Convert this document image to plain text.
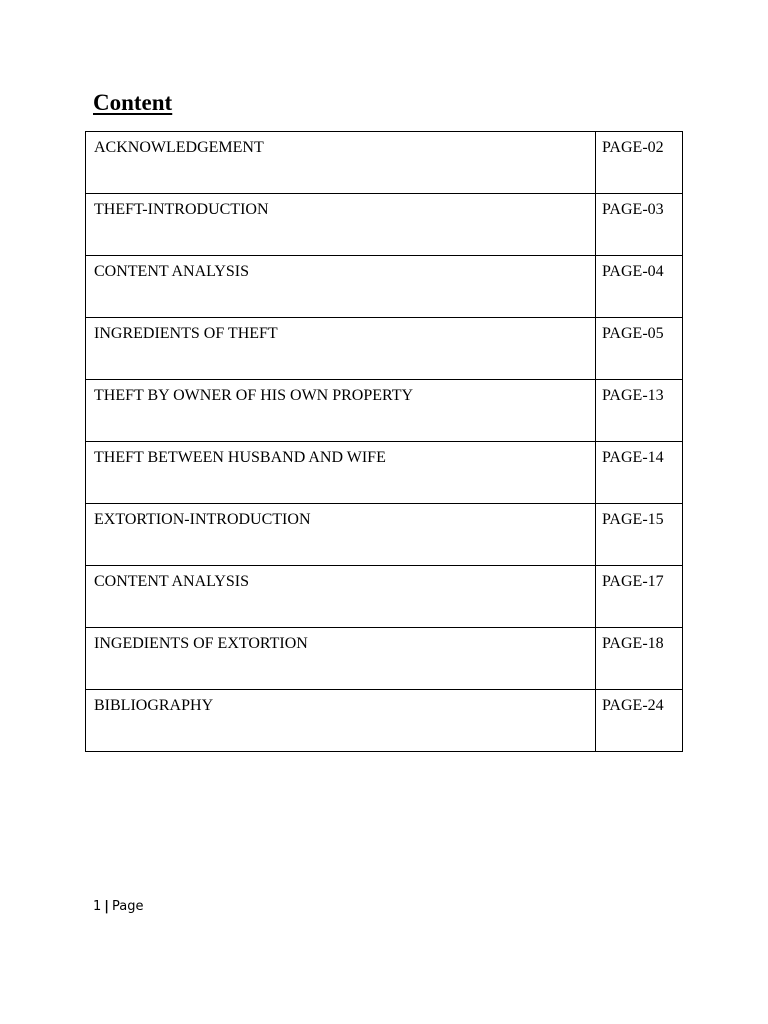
Content
ACKNOWLEDGEMENT	PAGE-02

THEFT-INTRODUCTION	PAGE-03

CONTENT ANALYSIS	PAGE-04

INGREDIENTS OF THEFT	PAGE-05

THEFT BY OWNER OF HIS OWN PROPERTY	PAGE-13

THEFT BETWEEN HUSBAND AND WIFE	PAGE-14

EXTORTION-INTRODUCTION	PAGE-15

CONTENT ANALYSIS	PAGE-17

INGEDIENTS OF EXTORTION	PAGE-18

BIBLIOGRAPHY	PAGE-24
1 | Page
